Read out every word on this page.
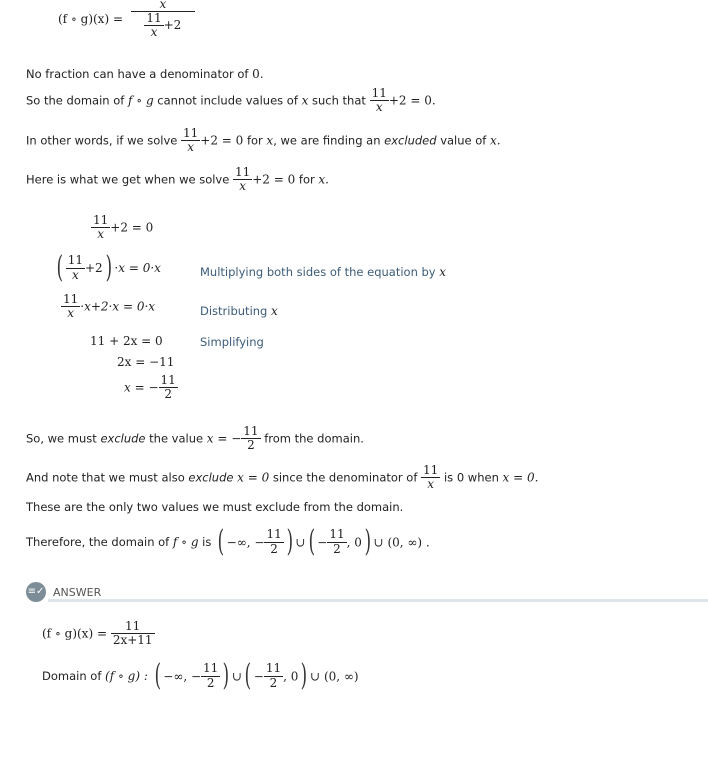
(f ∘ $g)(x) = \frac{x}{\frac{11}{x} +2}$
No fraction can have a denominator of 0.
So the domain of f ∘ g cannot include values of x such that $\frac{11}{x} +2 = 0$.
In other words, if we solve $\frac{11}{x} +2 = 0$ for x, we are finding an excluded value of x.
Here is what we get when we solve $\frac{11}{x} +2 = 0$ for x.
$\frac{11}{x} +2 = 0$
( $\frac{11}{x} +2) \cdot x = 0\cdot x$	Multiplying both sides of the equation by x
$\frac{11}{x} \cdot x+2\cdot x = 0\cdot x$	Distributing x
11 + 2x = 0	Simplifying
2x = −11
x = − $\frac{11}{2}$
So, we must exclude the value x = − $\frac{11}{2}$ from the domain.
And note that we must also exclude x = 0 since the denominator of $\frac{11}{x}$ is 0 when x = 0.
These are the only two values we must exclude from the domain.
Therefore, the domain of f ∘ g is ( −∞, − $\frac{11}{2}$ ) ∪( − $\frac{11}{2}$ , 0) ∪ (0, ∞) .
≡✓ ANSWER
(f ∘ $g)(x) = \frac{11}{2x+11}$
Domain of (f ∘ g) : ( −∞, − $\frac{11}{2}$ ) ∪( − $\frac{11}{2}$ , 0) ∪ (0, ∞)
